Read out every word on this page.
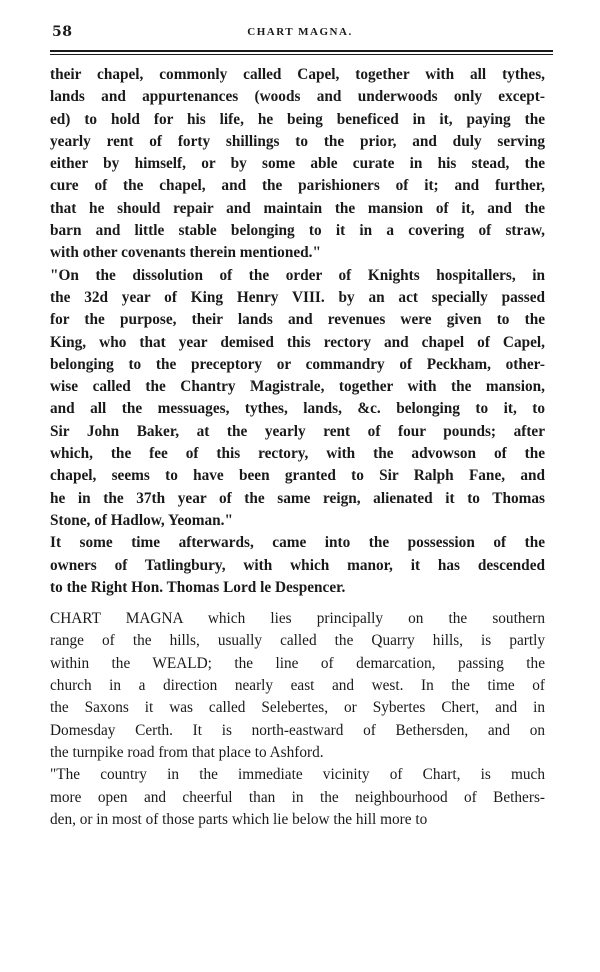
58	CHART MAGNA.
their chapel, commonly called Capel, together with all tythes,
lands and appurtenances (woods and underwoods only except-
ed) to hold for his life, he being beneficed in it, paying the
yearly rent of forty shillings to the prior, and duly serving
either by himself, or by some able curate in his stead, the
cure of the chapel, and the parishioners of it; and further,
that he should repair and maintain the mansion of it, and the
barn and little stable belonging to it in a covering of straw,
with other covenants therein mentioned."
"On the dissolution of the order of Knights hospitallers, in
the 32d year of King Henry VIII. by an act specially passed
for the purpose, their lands and revenues were given to the
King, who that year demised this rectory and chapel of Capel,
belonging to the preceptory or commandry of Peckham, other-
wise called the Chantry Magistrale, together with the mansion,
and all the messuages, tythes, lands, &c. belonging to it, to
Sir John Baker, at the yearly rent of four pounds; after
which, the fee of this rectory, with the advowson of the
chapel, seems to have been granted to Sir Ralph Fane, and
he in the 37th year of the same reign, alienated it to Thomas
Stone, of Hadlow, Yeoman."
It some time afterwards, came into the possession of the
owners of Tatlingbury, with which manor, it has descended
to the Right Hon. Thomas Lord le Despencer.
CHART MAGNA which lies principally on the southern
range of the hills, usually called the Quarry hills, is partly
within the WEALD; the line of demarcation, passing the
church in a direction nearly east and west. In the time of
the Saxons it was called Selebertes, or Sybertes Chert, and in
Domesday Certh. It is north-eastward of Bethersden, and on
the turnpike road from that place to Ashford.
"The country in the immediate vicinity of Chart, is much
more open and cheerful than in the neighbourhood of Bethers-
den, or in most of those parts which lie below the hill more to
